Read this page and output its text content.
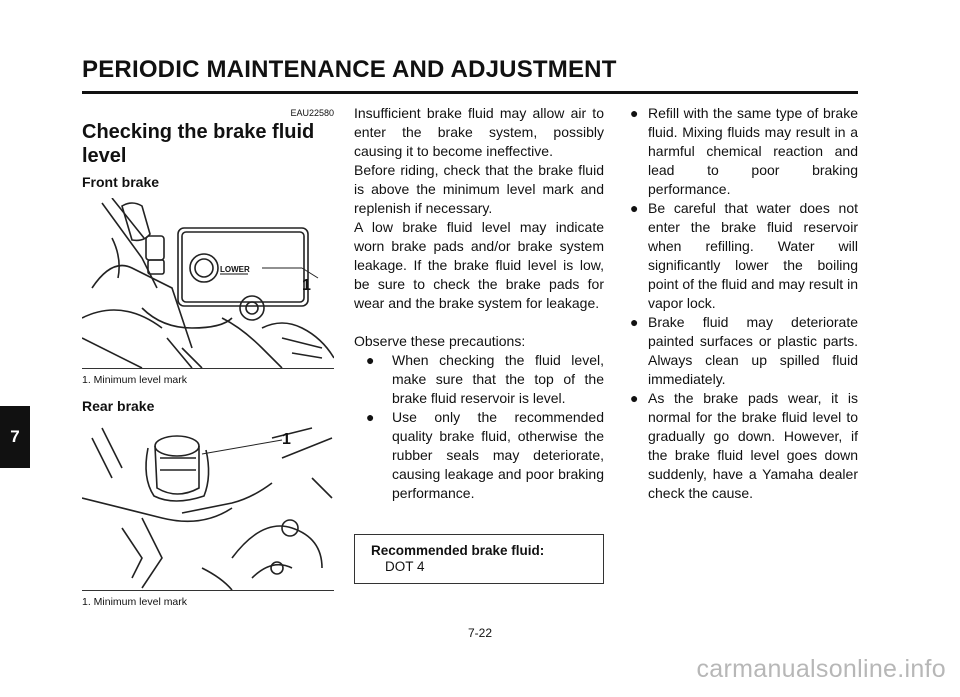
PERIODIC MAINTENANCE AND ADJUSTMENT
7
EAU22580
Checking the brake fluid
level
Front brake
LOWER
1
1. Minimum level mark
Rear brake
1
1. Minimum level mark

Insufficient brake fluid may allow air to enter the brake system, possibly causing it to become ineffective.

Before riding, check that the brake fluid is above the minimum level mark and replenish if necessary.

A low brake fluid level may indicate worn brake pads and/or brake system leakage. If the brake fluid level is low, be sure to check the brake pads for wear and the brake system for leakage.

Observe these precautions:

● When checking the fluid level, make sure that the top of the brake fluid reservoir is level.
● Use only the recommended quality brake fluid, otherwise the rubber seals may deteriorate, causing leakage and poor braking performance.
Recommended brake fluid:
DOT 4
● Refill with the same type of brake fluid. Mixing fluids may result in a harmful chemical reaction and lead to poor braking performance.
● Be careful that water does not enter the brake fluid reservoir when refilling. Water will significantly lower the boiling point of the fluid and may result in vapor lock.
● Brake fluid may deteriorate painted surfaces or plastic parts. Always clean up spilled fluid immediately.
● As the brake pads wear, it is normal for the brake fluid level to gradually go down. However, if the brake fluid level goes down suddenly, have a Yamaha dealer check the cause.
7-22
carmanualsonline.info
